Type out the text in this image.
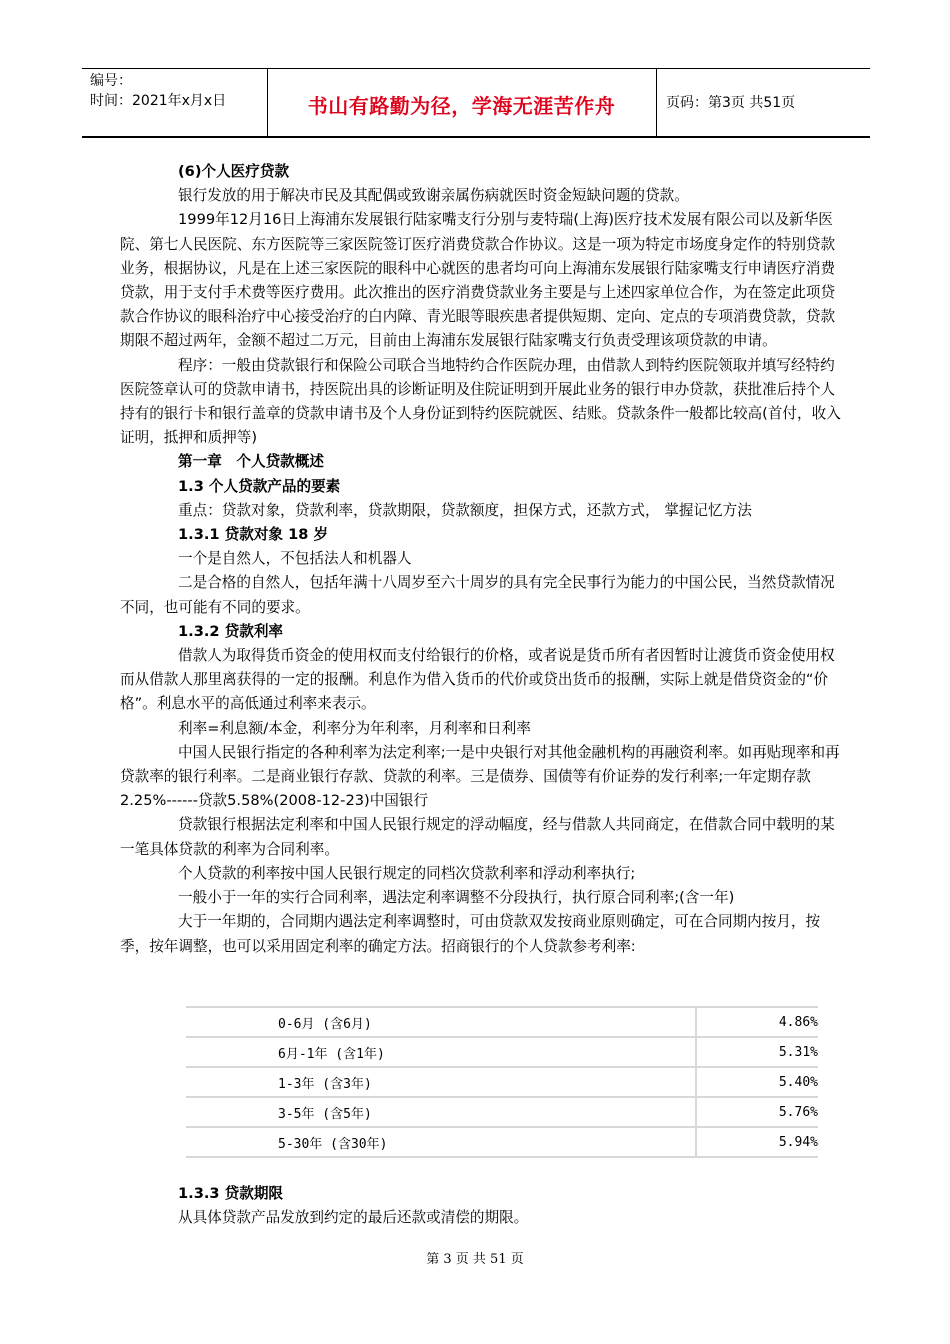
编号：
时间：2021年x月x日	书山有路勤为径，学海无涯苦作舟	页码：第3页 共51页

(6)个人医疗贷款

银行发放的用于解决市民及其配偶或致谢亲属伤病就医时资金短缺问题的贷款。

1999年12月16日上海浦东发展银行陆家嘴支行分别与麦特瑞(上海)医疗技术发展有限公司以及新华医院、第七人民医院、东方医院等三家医院签订医疗消费贷款合作协议。这是一项为特定市场度身定作的特别贷款业务，根据协议，凡是在上述三家医院的眼科中心就医的患者均可向上海浦东发展银行陆家嘴支行申请医疗消费贷款，用于支付手术费等医疗费用。此次推出的医疗消费贷款业务主要是与上述四家单位合作，为在签定此项贷款合作协议的眼科治疗中心接受治疗的白内障、青光眼等眼疾患者提供短期、定向、定点的专项消费贷款，贷款期限不超过两年，金额不超过二万元，目前由上海浦东发展银行陆家嘴支行负责受理该项贷款的申请。

程序：一般由贷款银行和保险公司联合当地特约合作医院办理，由借款人到特约医院领取并填写经特约医院签章认可的贷款申请书，持医院出具的诊断证明及住院证明到开展此业务的银行申办贷款，获批准后持个人持有的银行卡和银行盖章的贷款申请书及个人身份证到特约医院就医、结账。贷款条件一般都比较高(首付，收入证明，抵押和质押等)

第一章　个人贷款概述

1.3 个人贷款产品的要素

重点：贷款对象，贷款利率，贷款期限，贷款额度，担保方式，还款方式， 掌握记忆方法

1.3.1 贷款对象 18 岁

一个是自然人，不包括法人和机器人

二是合格的自然人，包括年满十八周岁至六十周岁的具有完全民事行为能力的中国公民，当然贷款情况不同，也可能有不同的要求。

1.3.2 贷款利率

借款人为取得货币资金的使用权而支付给银行的价格，或者说是货币所有者因暂时让渡货币资金使用权而从借款人那里离获得的一定的报酬。利息作为借入货币的代价或贷出货币的报酬，实际上就是借贷资金的“价格”。利息水平的高低通过利率来表示。

利率=利息额/本金，利率分为年利率，月利率和日利率

中国人民银行指定的各种利率为法定利率;一是中央银行对其他金融机构的再融资利率。如再贴现率和再贷款率的银行利率。二是商业银行存款、贷款的利率。三是债券、国债等有价证券的发行利率;一年定期存款 2.25%------贷款5.58%(2008-12-23)中国银行

贷款银行根据法定利率和中国人民银行规定的浮动幅度，经与借款人共同商定，在借款合同中载明的某一笔具体贷款的利率为合同利率。

个人贷款的利率按中国人民银行规定的同档次贷款利率和浮动利率执行;

一般小于一年的实行合同利率，遇法定利率调整不分段执行，执行原合同利率;(含一年)

大于一年期的，合同期内遇法定利率调整时，可由贷款双发按商业原则确定，可在合同期内按月，按季，按年调整，也可以采用固定利率的确定方法。招商银行的个人贷款参考利率:

0-6月 (含6月)	4.86%
6月-1年 (含1年)	5.31%
1-3年 (含3年)	5.40%
3-5年 (含5年)	5.76%
5-30年 (含30年)	5.94%

1.3.3 贷款期限

从具体贷款产品发放到约定的最后还款或清偿的期限。

第 3 页 共 51 页
